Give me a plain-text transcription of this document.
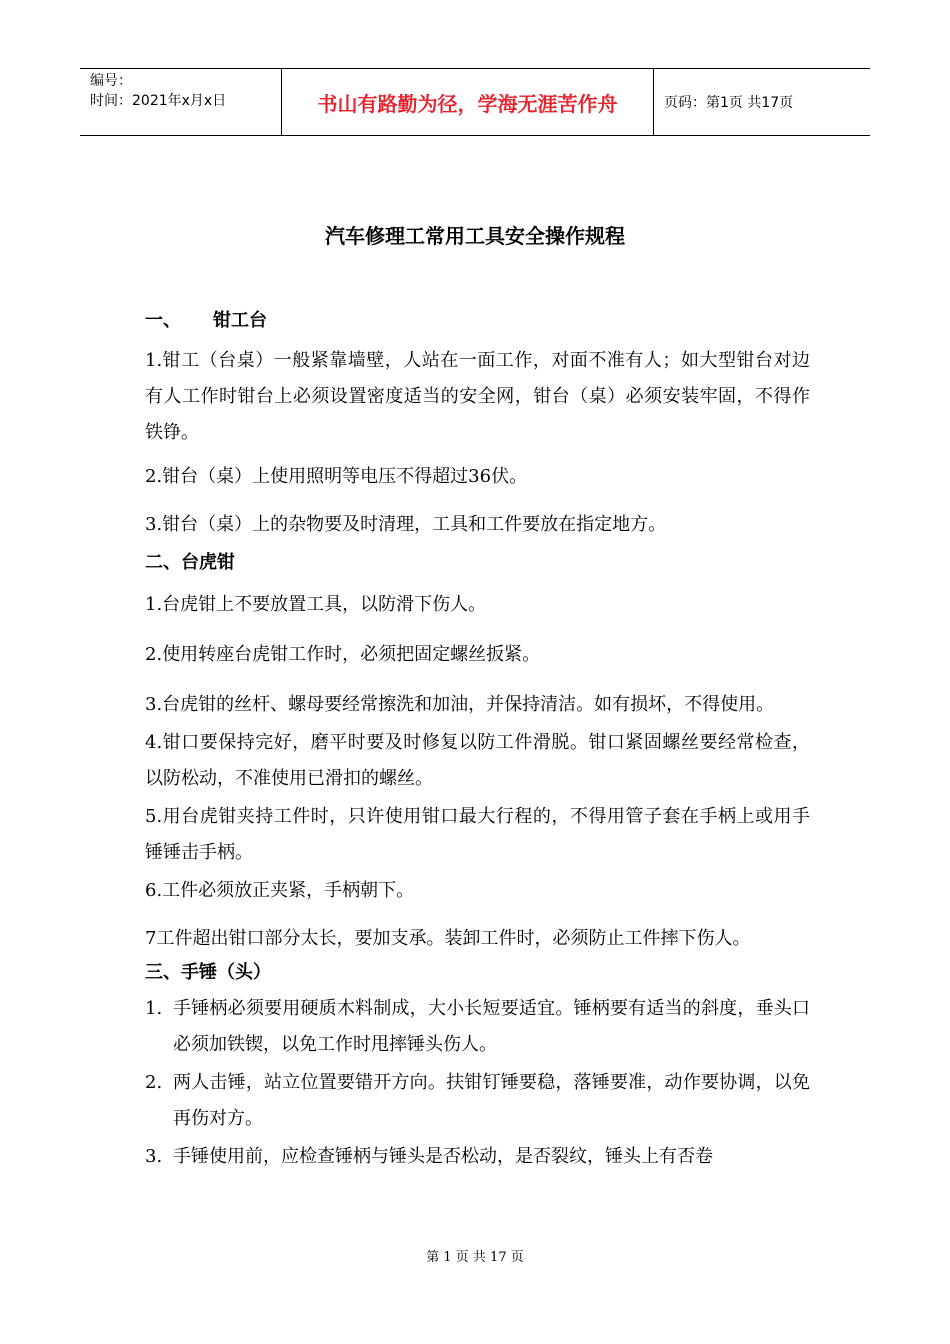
编号：
时间：2021年x月x日	书山有路勤为径，学海无涯苦作舟	页码：第1页 共17页
汽车修理工常用工具安全操作规程
一、 钳工台
1.钳工（台桌）一般紧靠墙壁，人站在一面工作，对面不准有人；如大型钳台对边有人工作时钳台上必须设置密度适当的安全网，钳台（桌）必须安装牢固，不得作铁铮。
2.钳台（桌）上使用照明等电压不得超过36伏。
3.钳台（桌）上的杂物要及时清理，工具和工件要放在指定地方。
二、台虎钳
1.台虎钳上不要放置工具，以防滑下伤人。
2.使用转座台虎钳工作时，必须把固定螺丝扳紧。
3.台虎钳的丝杆、螺母要经常擦洗和加油，并保持清洁。如有损坏，不得使用。
4.钳口要保持完好，磨平时要及时修复以防工件滑脱。钳口紧固螺丝要经常检查，以防松动，不准使用已滑扣的螺丝。
5.用台虎钳夹持工件时，只许使用钳口最大行程的，不得用管子套在手柄上或用手锤锤击手柄。
6.工件必须放正夹紧，手柄朝下。
7工件超出钳口部分太长，要加支承。装卸工件时，必须防止工件摔下伤人。
三、手锤（头）
1. 手锤柄必须要用硬质木料制成，大小长短要适宜。锤柄要有适当的斜度，垂头口必须加铁锲，以免工作时甩摔锤头伤人。
2. 两人击锤，站立位置要错开方向。扶钳钉锤要稳，落锤要准，动作要协调，以免再伤对方。
3. 手锤使用前，应检查锤柄与锤头是否松动，是否裂纹，锤头上有否卷
第 1 页 共 17 页
